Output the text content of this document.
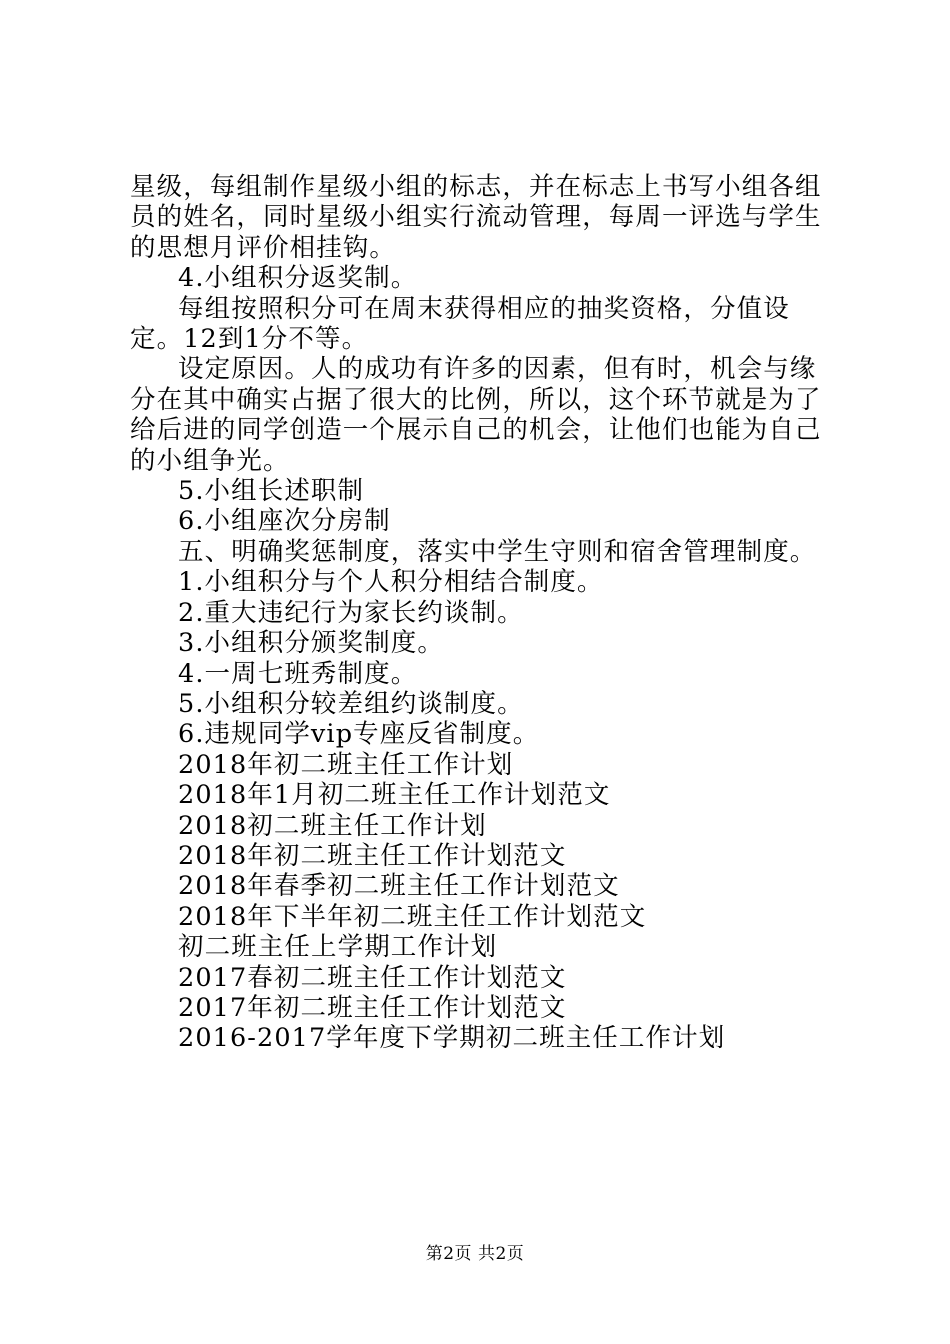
星级，每组制作星级小组的标志，并在标志上书写小组各组员的姓名，同时星级小组实行流动管理，每周一评选与学生的思想月评价相挂钩。

4.小组积分返奖制。

每组按照积分可在周末获得相应的抽奖资格，分值设定。12到1分不等。

设定原因。人的成功有许多的因素，但有时，机会与缘分在其中确实占据了很大的比例，所以，这个环节就是为了给后进的同学创造一个展示自己的机会，让他们也能为自己的小组争光。

5.小组长述职制

6.小组座次分房制

五、明确奖惩制度，落实中学生守则和宿舍管理制度。

1.小组积分与个人积分相结合制度。

2.重大违纪行为家长约谈制。

3.小组积分颁奖制度。

4.一周七班秀制度。

5.小组积分较差组约谈制度。

6.违规同学vip专座反省制度。

2018年初二班主任工作计划

2018年1月初二班主任工作计划范文

2018初二班主任工作计划

2018年初二班主任工作计划范文

2018年春季初二班主任工作计划范文

2018年下半年初二班主任工作计划范文

初二班主任上学期工作计划

2017春初二班主任工作计划范文

2017年初二班主任工作计划范文

2016-2017学年度下学期初二班主任工作计划

第2页 共2页
